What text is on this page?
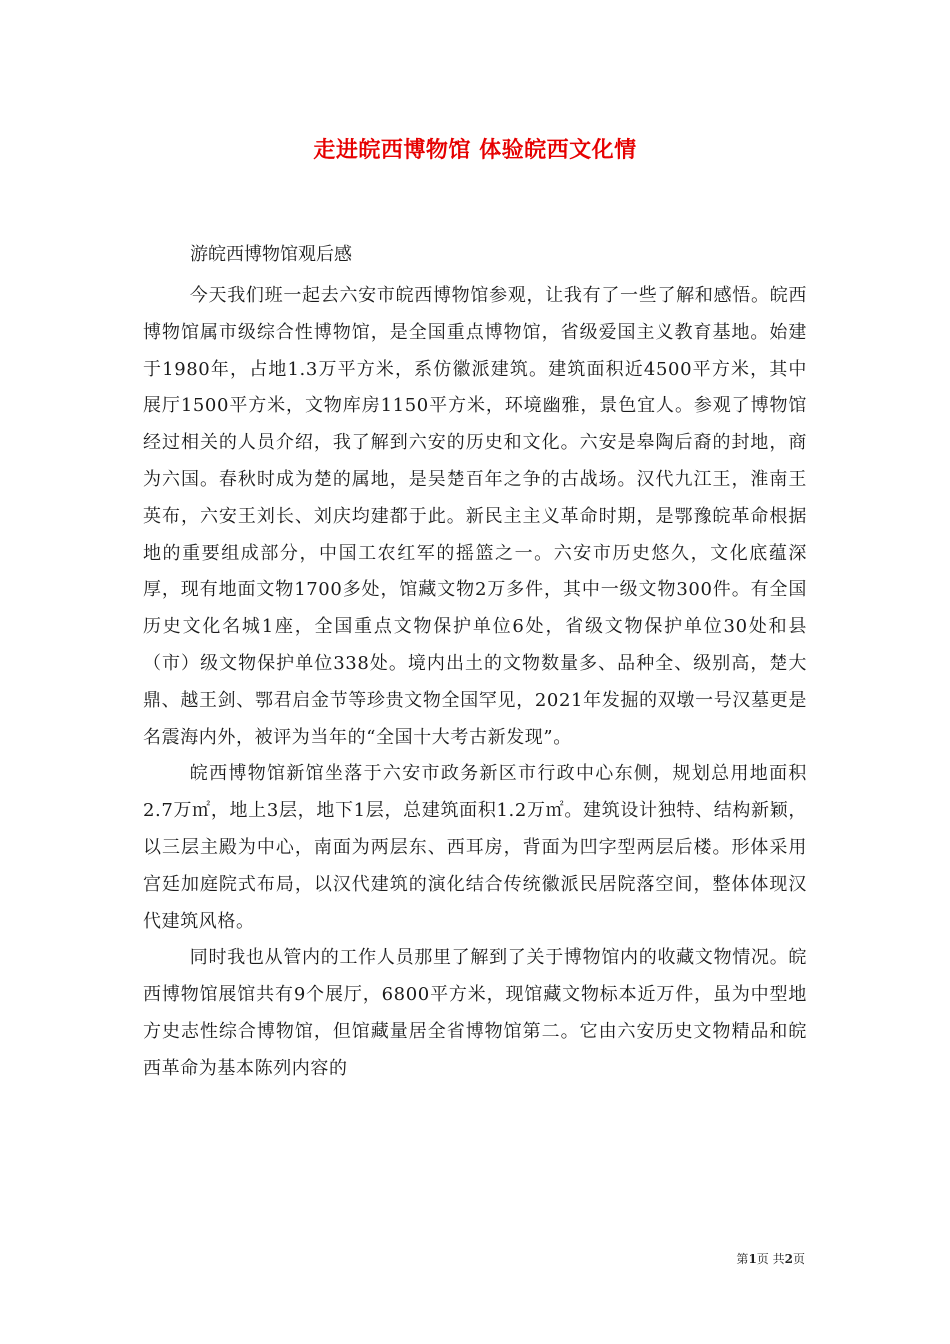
走进皖西博物馆 体验皖西文化情

游皖西博物馆观后感

今天我们班一起去六安市皖西博物馆参观，让我有了一些了解和感悟。皖西博物馆属市级综合性博物馆，是全国重点博物馆，省级爱国主义教育基地。始建于1980年，占地1.3万平方米，系仿徽派建筑。建筑面积近4500平方米，其中展厅1500平方米，文物库房1150平方米，环境幽雅，景色宜人。参观了博物馆经过相关的人员介绍，我了解到六安的历史和文化。六安是皋陶后裔的封地，商为六国。春秋时成为楚的属地，是吴楚百年之争的古战场。汉代九江王，淮南王英布，六安王刘长、刘庆均建都于此。新民主主义革命时期，是鄂豫皖革命根据地的重要组成部分，中国工农红军的摇篮之一。六安市历史悠久，文化底蕴深厚，现有地面文物1700多处，馆藏文物2万多件，其中一级文物300件。有全国历史文化名城1座，全国重点文物保护单位6处，省级文物保护单位30处和县（市）级文物保护单位338处。境内出土的文物数量多、品种全、级别高，楚大鼎、越王剑、鄂君启金节等珍贵文物全国罕见，2021年发掘的双墩一号汉墓更是名震海内外，被评为当年的“全国十大考古新发现”。

皖西博物馆新馆坐落于六安市政务新区市行政中心东侧，规划总用地面积2.7万㎡，地上3层，地下1层，总建筑面积1.2万㎡。建筑设计独特、结构新颖，以三层主殿为中心，南面为两层东、西耳房，背面为凹字型两层后楼。形体采用宫廷加庭院式布局，以汉代建筑的演化结合传统徽派民居院落空间，整体体现汉代建筑风格。

同时我也从管内的工作人员那里了解到了关于博物馆内的收藏文物情况。皖西博物馆展馆共有9个展厅，6800平方米，现馆藏文物标本近万件，虽为中型地方史志性综合博物馆，但馆藏量居全省博物馆第二。它由六安历史文物精品和皖西革命为基本陈列内容的

第1页 共2页
